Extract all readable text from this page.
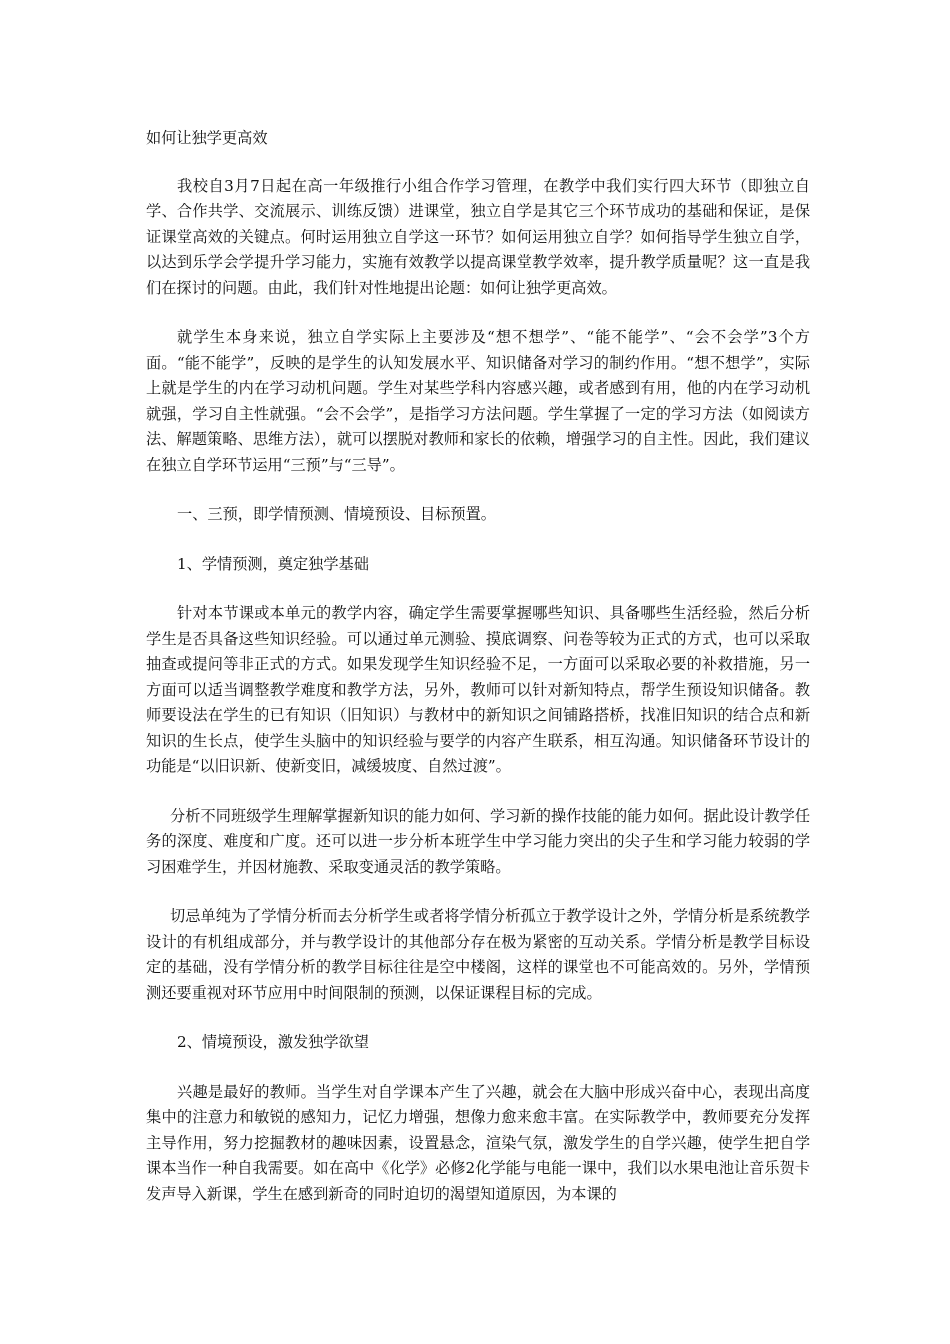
如何让独学更高效

我校自3月7日起在高一年级推行小组合作学习管理，在教学中我们实行四大环节（即独立自学、合作共学、交流展示、训练反馈）进课堂，独立自学是其它三个环节成功的基础和保证，是保证课堂高效的关键点。何时运用独立自学这一环节？如何运用独立自学？如何指导学生独立自学，以达到乐学会学提升学习能力，实施有效教学以提高课堂教学效率，提升教学质量呢？这一直是我们在探讨的问题。由此，我们针对性地提出论题：如何让独学更高效。

就学生本身来说，独立自学实际上主要涉及“想不想学”、“能不能学”、“会不会学”3个方面。“能不能学”，反映的是学生的认知发展水平、知识储备对学习的制约作用。“想不想学”，实际上就是学生的内在学习动机问题。学生对某些学科内容感兴趣，或者感到有用，他的内在学习动机就强，学习自主性就强。“会不会学”，是指学习方法问题。学生掌握了一定的学习方法（如阅读方法、解题策略、思维方法），就可以摆脱对教师和家长的依赖，增强学习的自主性。因此，我们建议在独立自学环节运用“三预”与“三导”。

一、三预，即学情预测、情境预设、目标预置。

1、学情预测，奠定独学基础

针对本节课或本单元的教学内容，确定学生需要掌握哪些知识、具备哪些生活经验，然后分析学生是否具备这些知识经验。可以通过单元测验、摸底调察、问卷等较为正式的方式，也可以采取抽查或提问等非正式的方式。如果发现学生知识经验不足，一方面可以采取必要的补救措施，另一方面可以适当调整教学难度和教学方法，另外，教师可以针对新知特点，帮学生预设知识储备。教师要设法在学生的已有知识（旧知识）与教材中的新知识之间铺路搭桥，找准旧知识的结合点和新知识的生长点，使学生头脑中的知识经验与要学的内容产生联系，相互沟通。知识储备环节设计的功能是“以旧识新、使新变旧，减缓坡度、自然过渡”。

分析不同班级学生理解掌握新知识的能力如何、学习新的操作技能的能力如何。据此设计教学任务的深度、难度和广度。还可以进一步分析本班学生中学习能力突出的尖子生和学习能力较弱的学习困难学生，并因材施教、采取变通灵活的教学策略。

切忌单纯为了学情分析而去分析学生或者将学情分析孤立于教学设计之外，学情分析是系统教学设计的有机组成部分，并与教学设计的其他部分存在极为紧密的互动关系。学情分析是教学目标设定的基础，没有学情分析的教学目标往往是空中楼阁，这样的课堂也不可能高效的。另外，学情预测还要重视对环节应用中时间限制的预测，以保证课程目标的完成。

2、情境预设，激发独学欲望

兴趣是最好的教师。当学生对自学课本产生了兴趣，就会在大脑中形成兴奋中心，表现出高度集中的注意力和敏锐的感知力，记忆力增强，想像力愈来愈丰富。在实际教学中，教师要充分发挥主导作用，努力挖掘教材的趣味因素，设置悬念，渲染气氛，激发学生的自学兴趣，使学生把自学课本当作一种自我需要。如在高中《化学》必修2化学能与电能一课中，我们以水果电池让音乐贺卡发声导入新课，学生在感到新奇的同时迫切的渴望知道原因，为本课的
